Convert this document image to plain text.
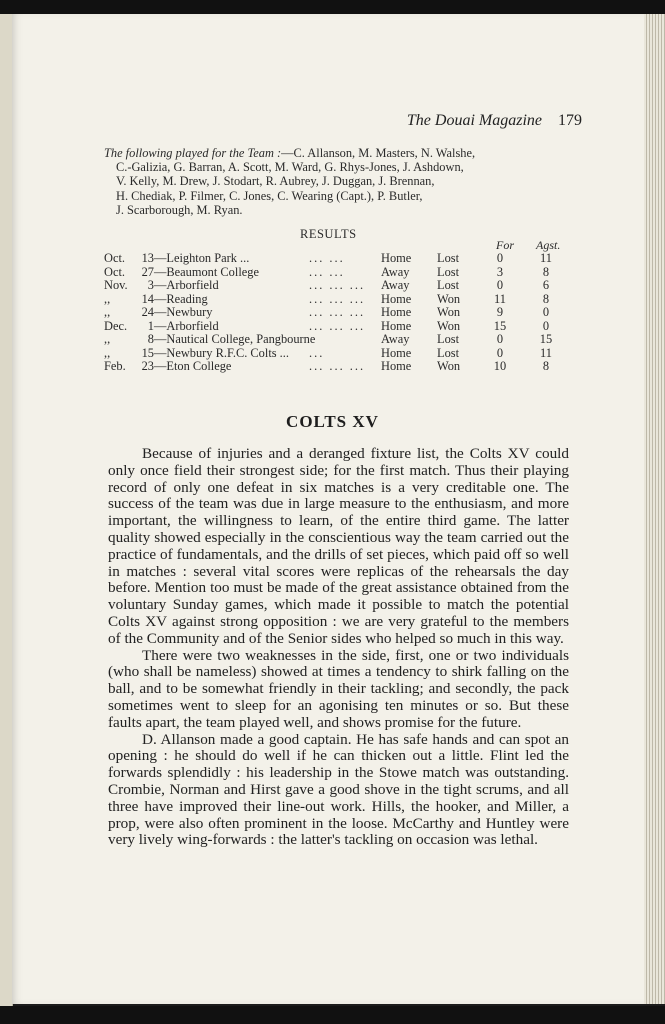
The Douai Magazine 179
The following played for the Team :—C. Allanson, M. Masters, N. Walshe,
C.-Galizia, G. Barran, A. Scott, M. Ward, G. Rhys-Jones, J. Ashdown,
V. Kelly, M. Drew, J. Stodart, R. Aubrey, J. Duggan, J. Brennan,
H. Chediak, P. Filmer, C. Jones, C. Wearing (Capt.), P. Butler,
J. Scarborough, M. Ryan.
RESULTS
For Agst.
Oct.	13 —Leighton Park ...	... ...	Home Lost	0	11
Oct.	27 —Beaumont College	... ...	Away Lost	3	8
Nov.	3 —Arborfield	... ... ... Away Lost	0	6
,,	14 —Reading	... ... ... Home Won	11	8
,,	24 —Newbury	... ... ... Home Won	9	0
Dec.	1 —Arborfield	... ... ... Home Won	15	0
,,	8 —Nautical College, Pangbourne	Away Lost	0	15
,,	15 —Newbury R.F.C. Colts ... ...	Home Lost	0	11
Feb.	23 —Eton College	... ... ... Home Won	10	8
COLTS XV

Because of injuries and a deranged fixture list, the Colts XV could only once field their strongest side; for the first match. Thus their playing record of only one defeat in six matches is a very creditable one. The success of the team was due in large measure to the enthusiasm, and more important, the willingness to learn, of the entire third game. The latter quality showed especially in the conscientious way the team carried out the practice of fundamentals, and the drills of set pieces, which paid off so well in matches : several vital scores were replicas of the rehearsals the day before. Mention too must be made of the great assistance obtained from the voluntary Sunday games, which made it possible to match the potential Colts XV against strong opposition : we are very grateful to the members of the Community and of the Senior sides who helped so much in this way.

There were two weaknesses in the side, first, one or two individuals (who shall be nameless) showed at times a tendency to shirk falling on the ball, and to be somewhat friendly in their tackling; and secondly, the pack sometimes went to sleep for an agonising ten minutes or so. But these faults apart, the team played well, and shows promise for the future.

D. Allanson made a good captain. He has safe hands and can spot an opening : he should do well if he can thicken out a little. Flint led the forwards splendidly : his leadership in the Stowe match was outstanding. Crombie, Norman and Hirst gave a good shove in the tight scrums, and all three have improved their line-out work. Hills, the hooker, and Miller, a prop, were also often prominent in the loose. McCarthy and Huntley were very lively wing-forwards : the latter's tackling on occasion was lethal.
